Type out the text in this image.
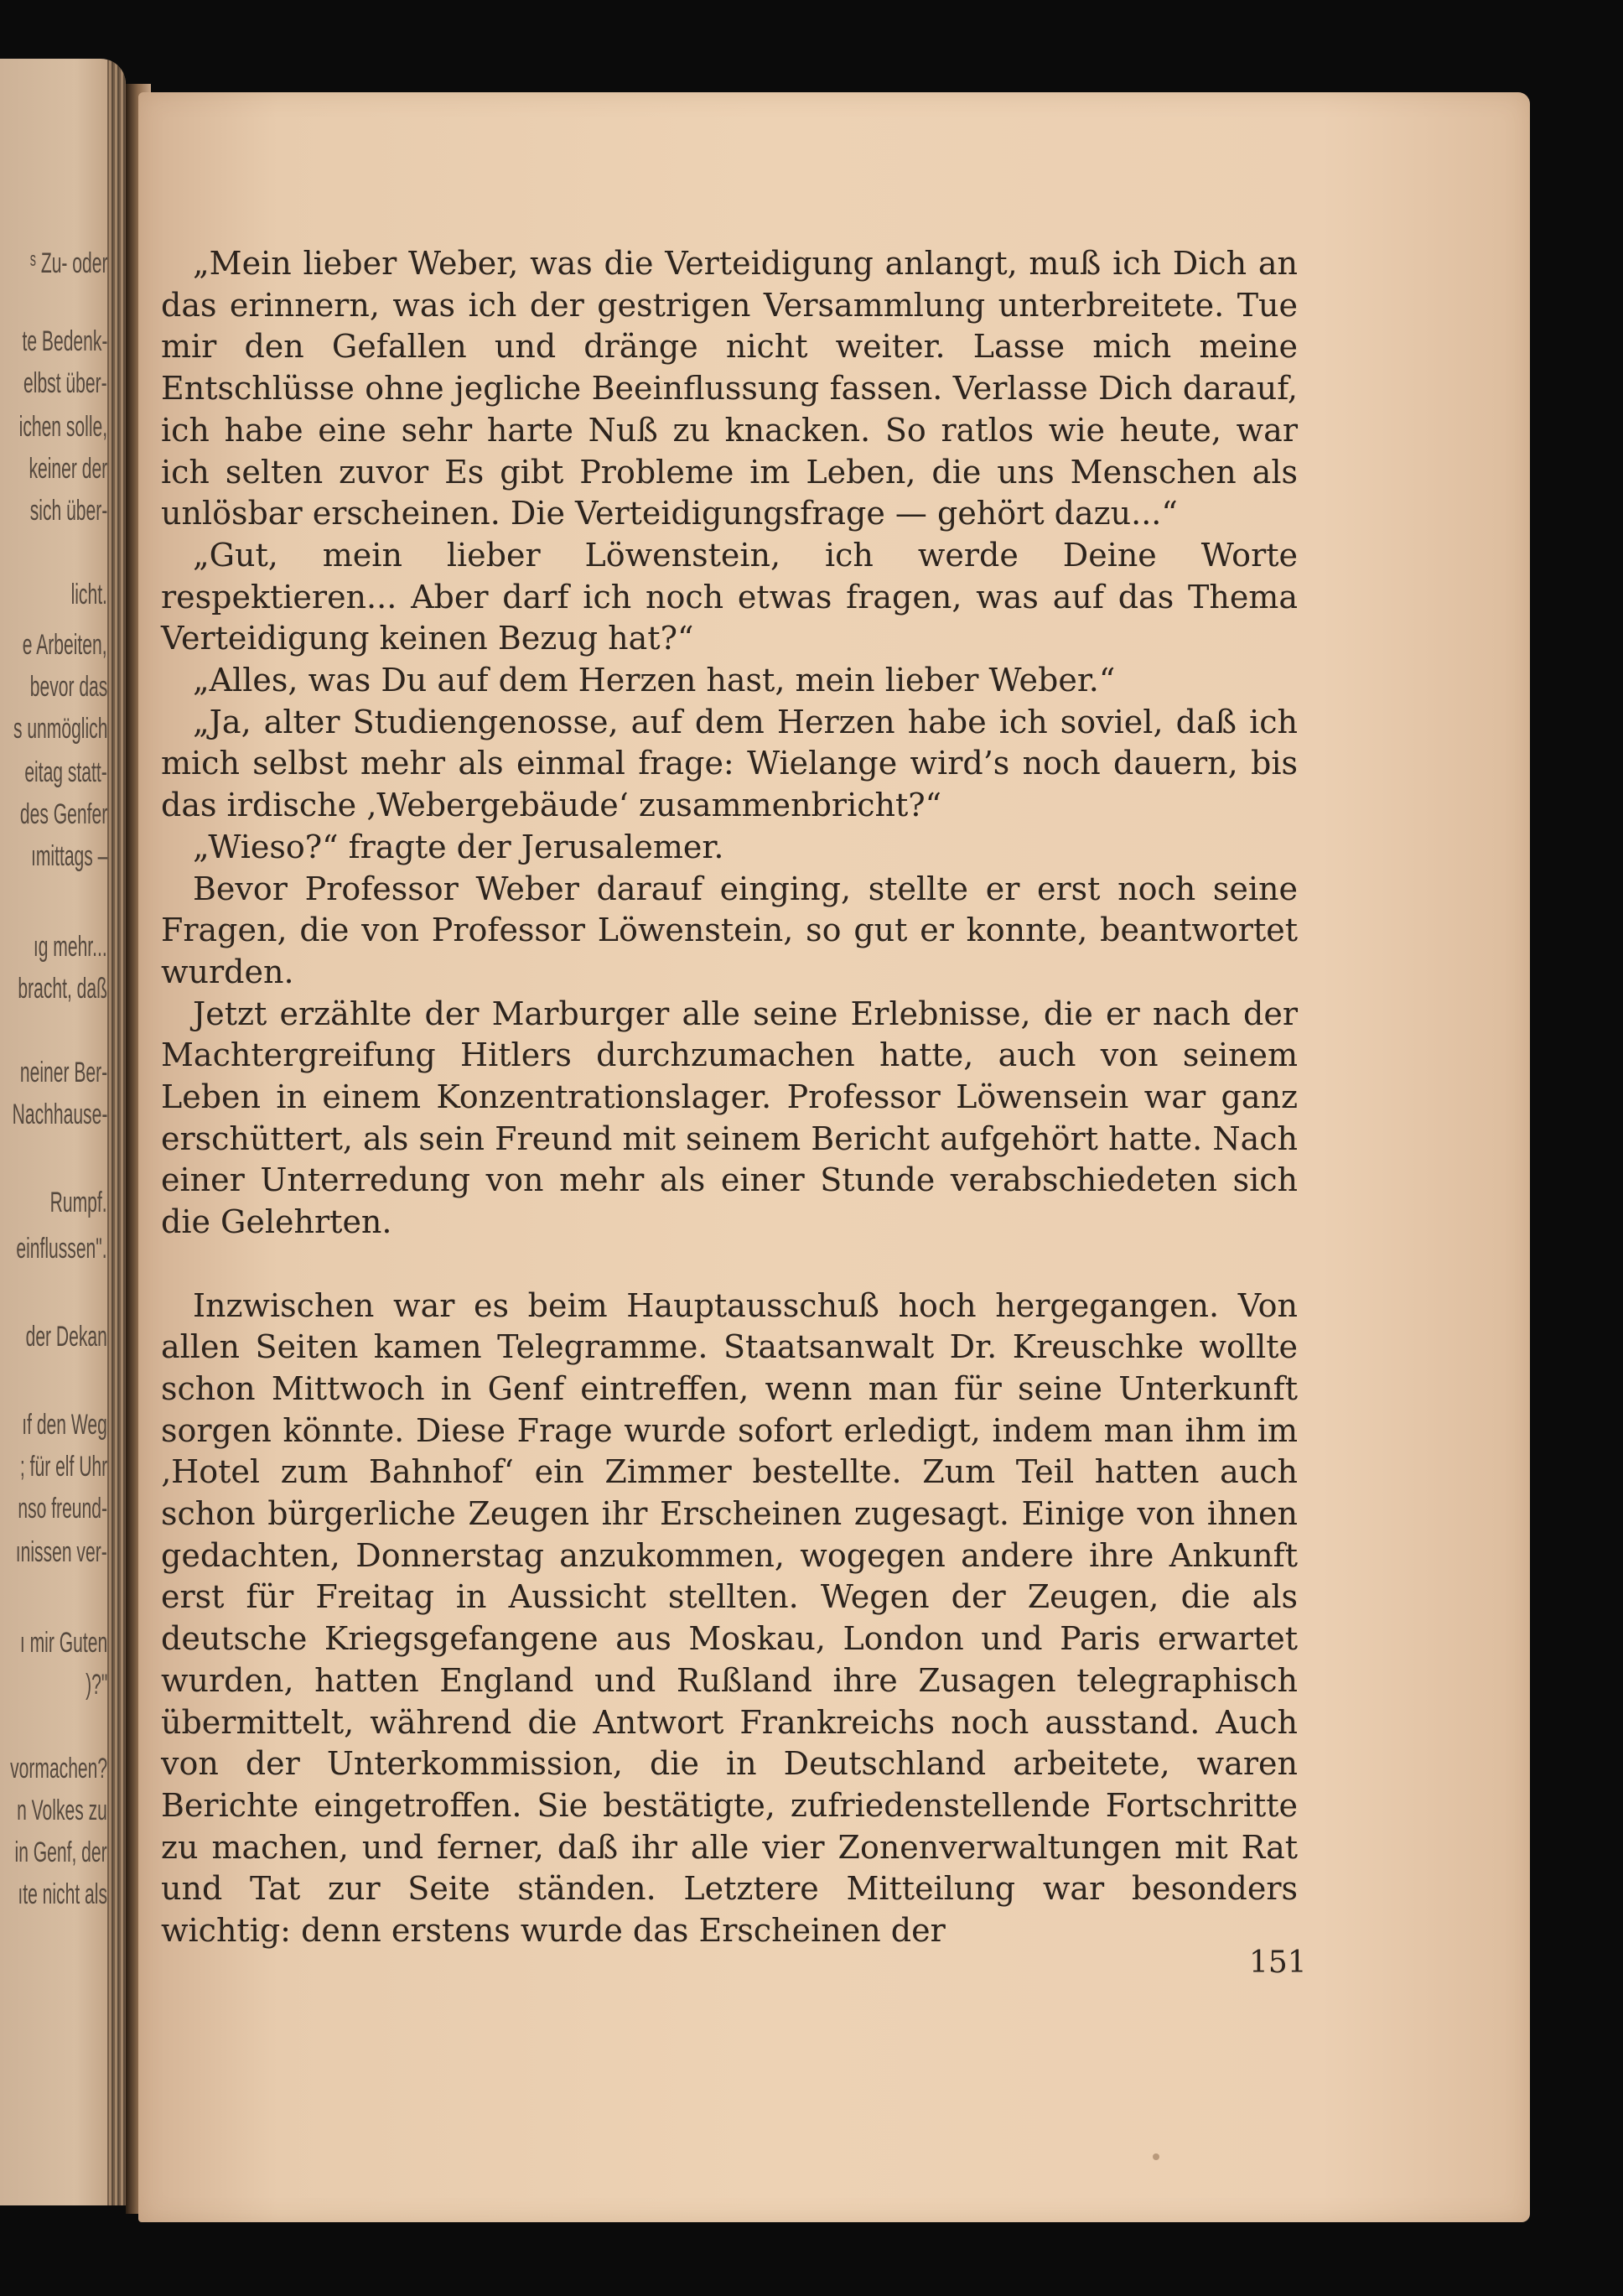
ˢ Zu- oder
te Bedenk-
elbst über-
ichen solle,
keiner der
sich über-
licht.
e Arbeiten,
bevor das
s unmöglich
eitag statt-
des Genfer
ımittags –
ıg mehr...
bracht, daß
neiner Ber-
Nachhause-
Rumpf.
einflussen".
der Dekan
ıf den Weg
; für elf Uhr
nso freund-
ınissen ver-
ı mir Guten
)?"
vormachen?
n Volkes zu
in Genf, der
ıte nicht als

„Mein lieber Weber, was die Verteidigung anlangt, muß ich Dich an das erinnern, was ich der gestrigen Versammlung unterbreitete. Tue mir den Gefallen und dränge nicht weiter. Lasse mich meine Entschlüsse ohne jegliche Beeinflussung fassen. Verlasse Dich darauf, ich habe eine sehr harte Nuß zu knacken. So ratlos wie heute, war ich selten zuvor Es gibt Probleme im Leben, die uns Menschen als unlösbar erscheinen. Die Verteidigungsfrage — gehört dazu...“

„Gut, mein lieber Löwenstein, ich werde Deine Worte respektieren... Aber darf ich noch etwas fragen, was auf das Thema Verteidigung keinen Bezug hat?“

„Alles, was Du auf dem Herzen hast, mein lieber Weber.“

„Ja, alter Studiengenosse, auf dem Herzen habe ich soviel, daß ich mich selbst mehr als einmal frage: Wielange wird’s noch dauern, bis das irdische ‚Webergebäude‘ zusammenbricht?“

„Wieso?“ fragte der Jerusalemer.

Bevor Professor Weber darauf einging, stellte er erst noch seine Fragen, die von Professor Löwenstein, so gut er konnte, beantwortet wurden.

Jetzt erzählte der Marburger alle seine Erlebnisse, die er nach der Machtergreifung Hitlers durchzumachen hatte, auch von seinem Leben in einem Konzentrationslager. Professor Löwensein war ganz erschüttert, als sein Freund mit seinem Bericht aufgehört hatte. Nach einer Unterredung von mehr als einer Stunde verabschiedeten sich die Gelehrten.

Inzwischen war es beim Hauptausschuß hoch hergegangen. Von allen Seiten kamen Telegramme. Staatsanwalt Dr. Kreuschke wollte schon Mittwoch in Genf eintreffen, wenn man für seine Unterkunft sorgen könnte. Diese Frage wurde sofort erledigt, indem man ihm im ‚Hotel zum Bahnhof‘ ein Zimmer bestellte. Zum Teil hatten auch schon bürgerliche Zeugen ihr Erscheinen zugesagt. Einige von ihnen gedachten, Donnerstag anzukommen, wogegen andere ihre Ankunft erst für Freitag in Aussicht stellten. Wegen der Zeugen, die als deutsche Kriegsgefangene aus Moskau, London und Paris erwartet wurden, hatten England und Rußland ihre Zusagen telegraphisch übermittelt, während die Antwort Frankreichs noch ausstand. Auch von der Unterkommission, die in Deutschland arbeitete, waren Berichte eingetroffen. Sie bestätigte, zufriedenstellende Fortschritte zu machen, und ferner, daß ihr alle vier Zonenverwaltungen mit Rat und Tat zur Seite ständen. Letztere Mitteilung war besonders wichtig: denn erstens wurde das Erscheinen der

151
